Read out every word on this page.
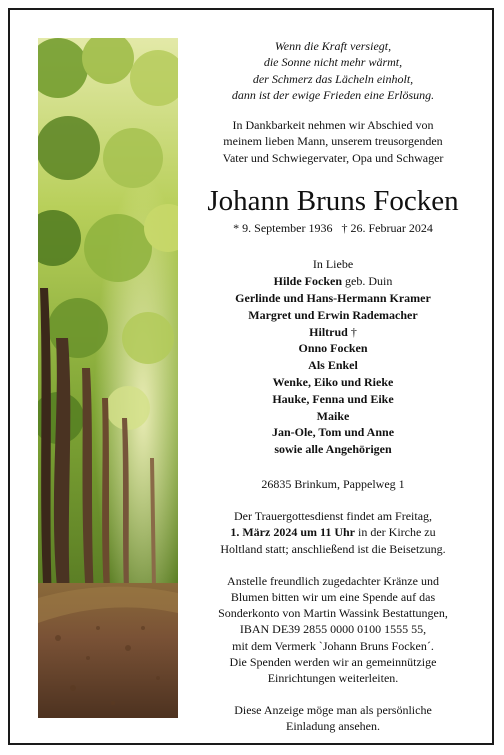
Wenn die Kraft versiegt,
die Sonne nicht mehr wärmt,
der Schmerz das Lächeln einholt,
dann ist der ewige Frieden eine Erlösung.
In Dankbarkeit nehmen wir Abschied von
meinem lieben Mann, unserem treusorgenden
Vater und Schwiegervater, Opa und Schwager
Johann Bruns Focken
* 9. September 1936 † 26. Februar 2024
In Liebe
Hilde Focken geb. Duin
Gerlinde und Hans-Hermann Kramer
Margret und Erwin Rademacher
Hiltrud †
Onno Focken
Als Enkel
Wenke, Eiko und Rieke
Hauke, Fenna und Eike
Maike
Jan-Ole, Tom und Anne
sowie alle Angehörigen
26835 Brinkum, Pappelweg 1
Der Trauergottesdienst findet am Freitag,
1. März 2024 um 11 Uhr in der Kirche zu
Holtland statt; anschließend ist die Beisetzung.
Anstelle freundlich zugedachter Kränze und
Blumen bitten wir um eine Spende auf das
Sonderkonto von Martin Wassink Bestattungen,
IBAN DE39 2855 0000 0100 1555 55,
mit dem Vermerk `Johann Bruns Focken´.
Die Spenden werden wir an gemeinnützige
Einrichtungen weiterleiten.
Diese Anzeige möge man als persönliche
Einladung ansehen.
